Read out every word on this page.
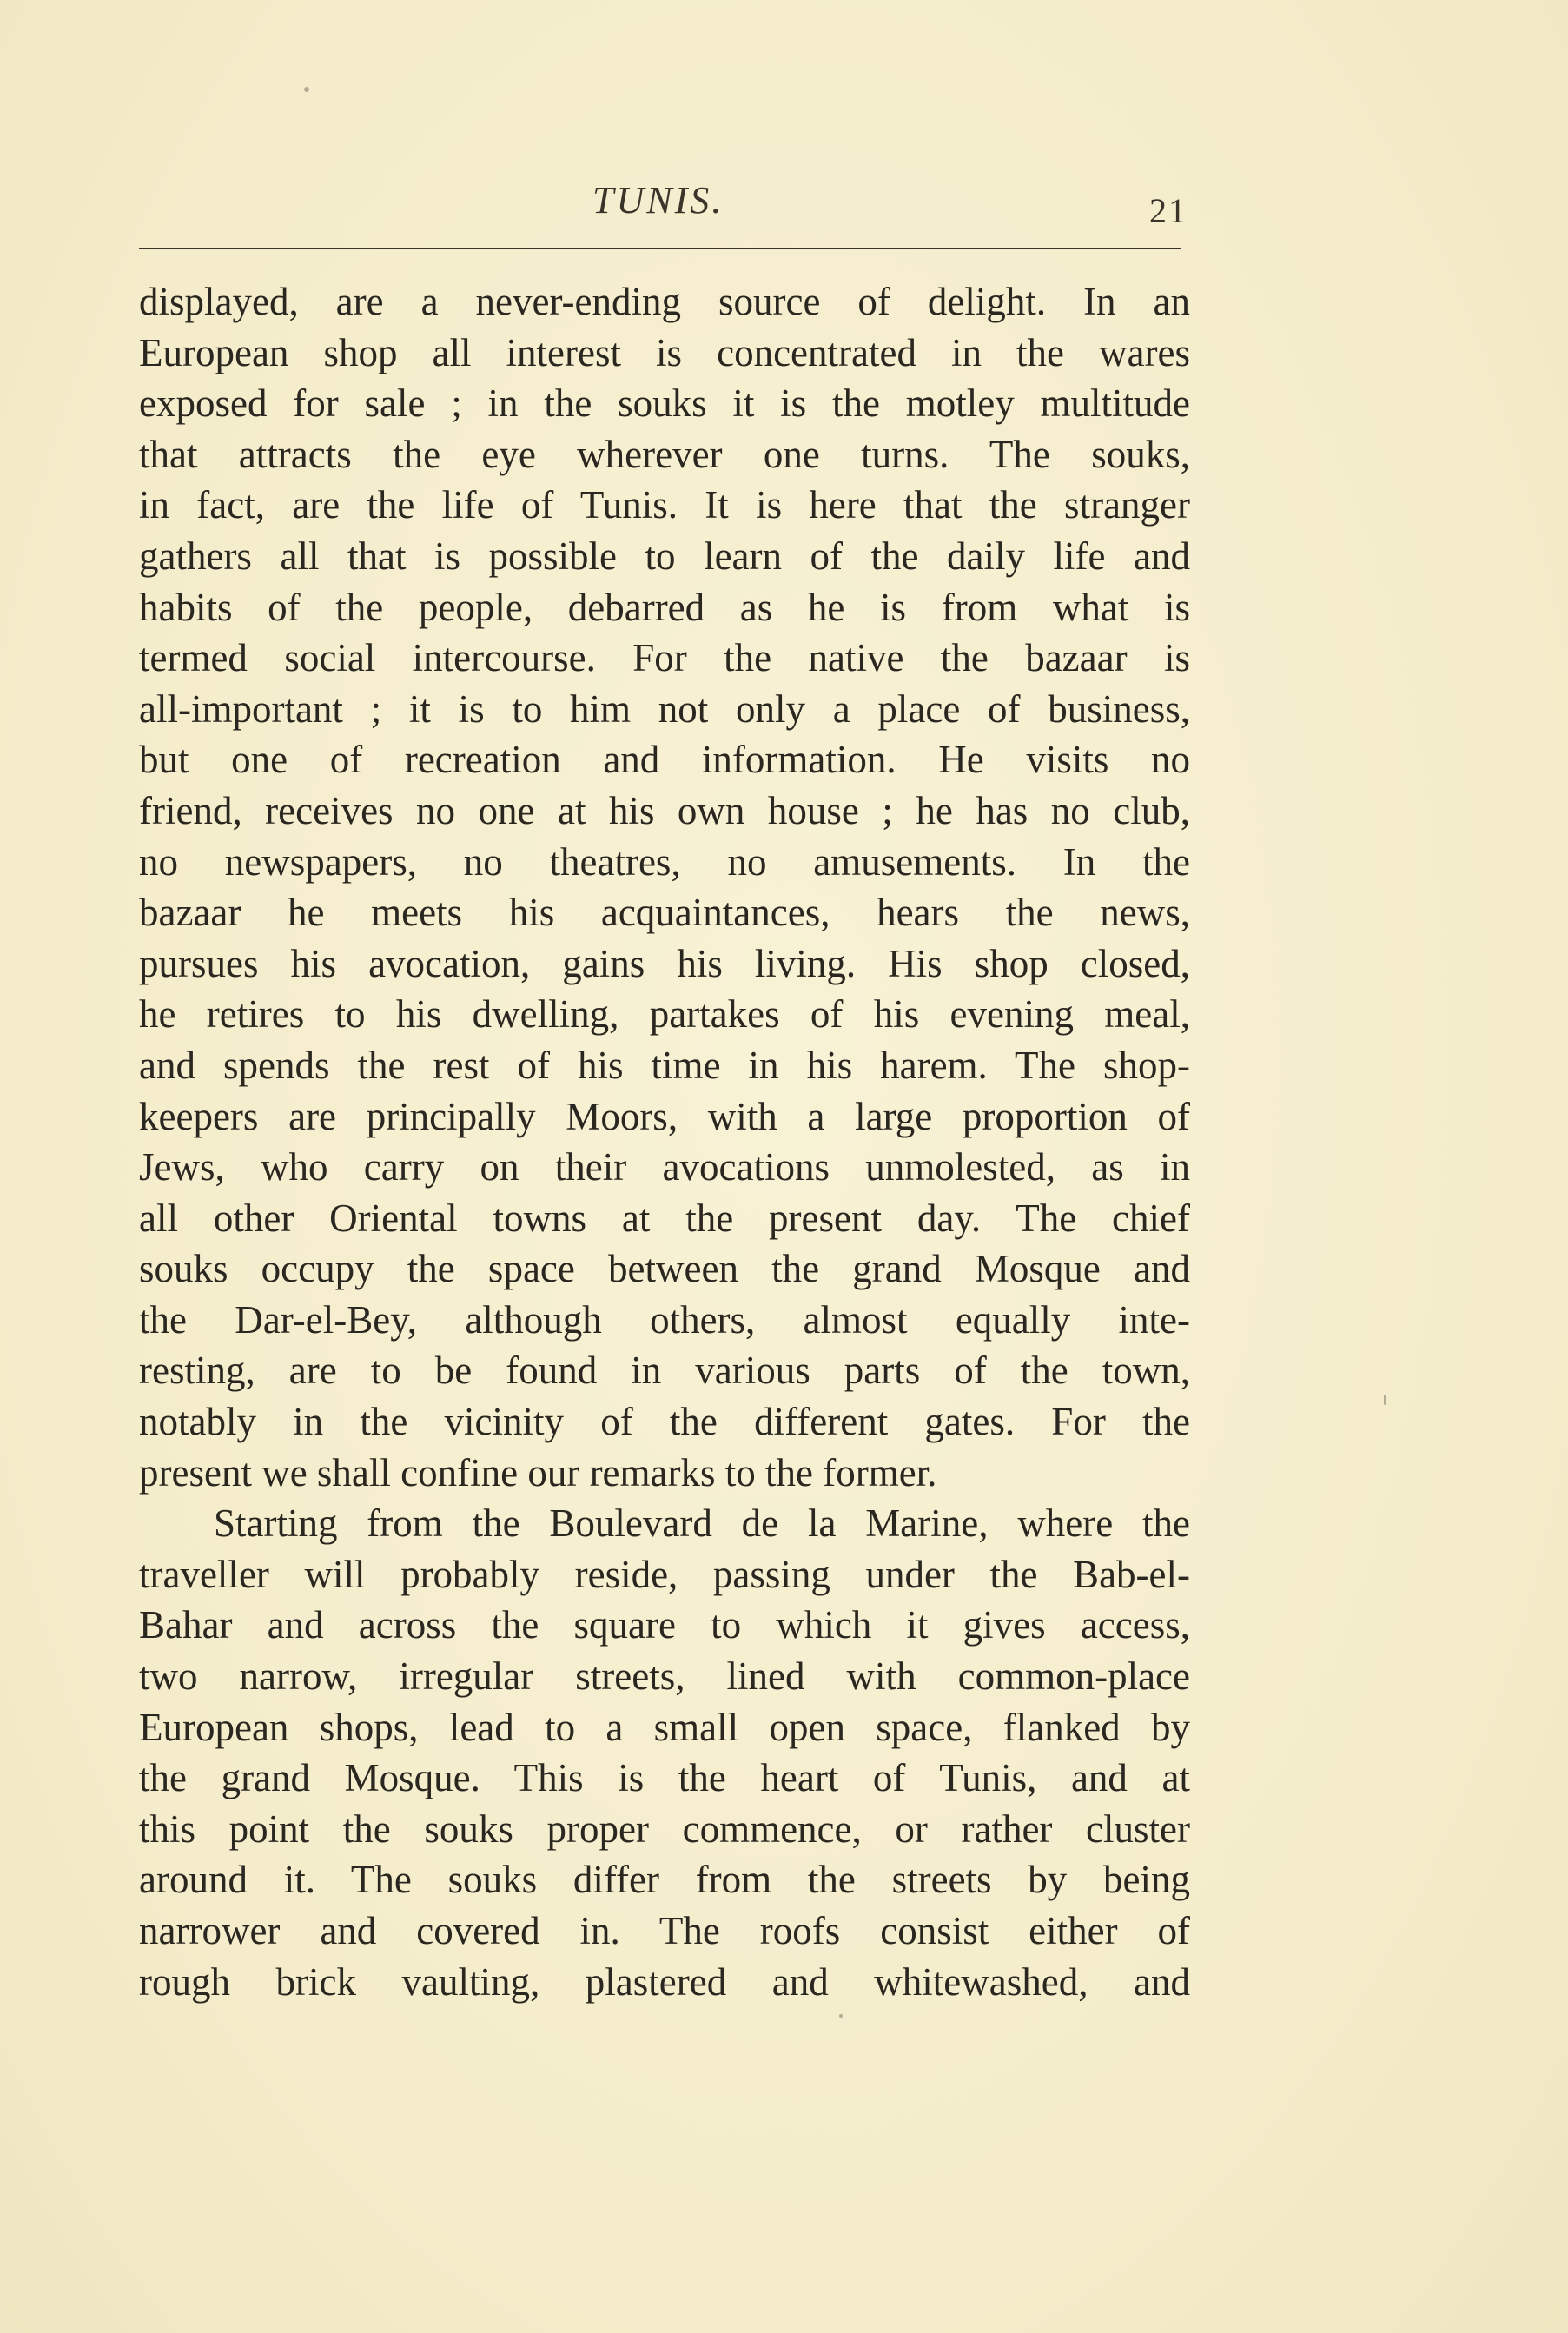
TUNIS.	21
displayed, are a never-ending source of delight. In an
European shop all interest is concentrated in the wares
exposed for sale ; in the souks it is the motley multitude
that attracts the eye wherever one turns. The souks,
in fact, are the life of Tunis. It is here that the stranger
gathers all that is possible to learn of the daily life and
habits of the people, debarred as he is from what is
termed social intercourse. For the native the bazaar is
all-important ; it is to him not only a place of business,
but one of recreation and information. He visits no
friend, receives no one at his own house ; he has no club,
no newspapers, no theatres, no amusements. In the
bazaar he meets his acquaintances, hears the news,
pursues his avocation, gains his living. His shop closed,
he retires to his dwelling, partakes of his evening meal,
and spends the rest of his time in his harem. The shop-
keepers are principally Moors, with a large proportion of
Jews, who carry on their avocations unmolested, as in
all other Oriental towns at the present day. The chief
souks occupy the space between the grand Mosque and
the Dar-el-Bey, although others, almost equally inte-
resting, are to be found in various parts of the town,
notably in the vicinity of the different gates. For the
present we shall confine our remarks to the former.
Starting from the Boulevard de la Marine, where the
traveller will probably reside, passing under the Bab-el-
Bahar and across the square to which it gives access,
two narrow, irregular streets, lined with common-place
European shops, lead to a small open space, flanked by
the grand Mosque. This is the heart of Tunis, and at
this point the souks proper commence, or rather cluster
around it. The souks differ from the streets by being
narrower and covered in. The roofs consist either of
rough brick vaulting, plastered and whitewashed, and
